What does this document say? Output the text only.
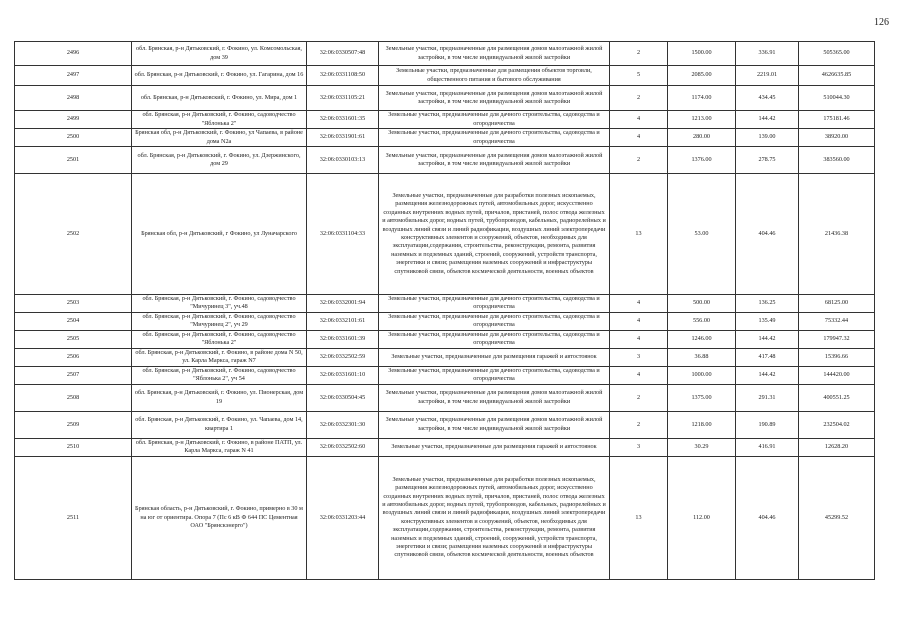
126
2496	обл. Брянская, р-н Дятьковский, г. Фокино, ул. Комсомольская, дом 39	32:06:0330507:48	Земельные участки, предназначенные для размещения домов малоэтажной жилой застройки, в том числе индивидуальной жилой застройки	2	1500.00	336.91	505365.00
2497	обл. Брянская, р-н Дятьковский, г. Фокино, ул. Гагарина, дом 16	32:06:0331108:50	Земельные участки, предназначенные для размещения объектов торговли, общественного питания и бытового обслуживания	5	2085.00	2219.01	4626635.85
2498	обл. Брянская, р-н Дятьковский, г. Фокино, ул. Мира, дом 1	32:06:0331105:21	Земельные участки, предназначенные для размещения домов малоэтажной жилой застройки, в том числе индивидуальной жилой застройки	2	1174.00	434.45	510044.30
2499	обл. Брянская, р-н Дятьковский, г. Фокино, садоводчество "Яблонька 2"	32:06:0331601:35	Земельные участки, предназначенные для дачного строительства, садоводства и огородничества	4	1213.00	144.42	175181.46
2500	Брянская обл, р-н Дятьковский, г. Фокино, ул Чапаева, в районе дома N2а	32:06:0331901:61	Земельные участки, предназначенные для дачного строительства, садоводства и огородничества	4	280.00	139.00	38920.00
2501	обл. Брянская, р-н Дятьковский, г. Фокино, ул. Дзержинского, дом 29	32:06:0330103:13	Земельные участки, предназначенные для размещения домов малоэтажной жилой застройки, в том числе индивидуальной жилой застройки	2	1376.00	278.75	383560.00
2502	Брянская обл, р-н Дятьковский, г Фокино, ул Луначарского	32:06:0331104:33	Земельные участки, предназначенные для разработки полезных ископаемых, размещения железнодорожных путей, автомобильных дорог, искусственно созданных внутренних водных путей, причалов, пристаней, полос отвода железных и автомобильных дорог, водных путей, трубопроводов, кабельных, радиорелейных и воздушных линий связи и линий радиофикации, воздушных линий электропередачи конструктивных элементов и сооружений, объектов, необходимых для эксплуатации,содержания, строительства, реконструкции, ремонта, развития наземных и подземных зданий, строений, сооружений, устройств транспорта, энергетики и связи; размещения наземных сооружений и инфраструктуры спутниковой связи, объектов космической деятельности, военных объектов	13	53.00	404.46	21436.38
2503	обл. Брянская, р-н Дятьковский, г. Фокино, садоводчество "Мичуринец 3", уч.48	32:06:0332001:94	Земельные участки, предназначенные для дачного строительства, садоводства и огородничества	4	500.00	136.25	68125.00
2504	обл. Брянская, р-н Дятьковский, г. Фокино, садоводчество "Мичуринец 2", уч 29	32:06:0332101:61	Земельные участки, предназначенные для дачного строительства, садоводства и огородничества	4	556.00	135.49	75332.44
2505	обл. Брянская, р-н Дятьковский, г. Фокино, садоводчество "Яблонька 2"	32:06:0331601:39	Земельные участки, предназначенные для дачного строительства, садоводства и огородничества	4	1246.00	144.42	179947.32
2506	обл. Брянская, р-н Дятьковский, г. Фокино, в районе дома N 50, ул. Карла Маркса, гараж N7	32:06:0332502:59	Земельные участки, предназначенные для размещения гаражей и автостоянок	3	36.88	417.48	15396.66
2507	обл. Брянская, р-н Дятьковский, г. Фокино, садоводчество "Яблонька 2", уч 54	32:06:0331601:10	Земельные участки, предназначенные для дачного строительства, садоводства и огородничества	4	1000.00	144.42	144420.00
2508	обл. Брянская, р-н Дятьковский, г. Фокино, ул. Пионерская, дом 19	32:06:0330504:45	Земельные участки, предназначенные для размещения домов малоэтажной жилой застройки, в том числе индивидуальной жилой застройки	2	1375.00	291.31	400551.25
2509	обл. Брянская, р-н Дятьковский, г. Фокино, ул. Чапаева, дом 14, квартира 1	32:06:0332301:30	Земельные участки, предназначенные для размещения домов малоэтажной жилой застройки, в том числе индивидуальной жилой застройки	2	1218.00	190.89	232504.02
2510	обл. Брянская, р-н Дятьковский, г. Фокино, в районе ПАТП, ул. Карла Маркса, гараж N 41	32:06:0332502:60	Земельные участки, предназначенные для размещения гаражей и автостоянок	3	30.29	416.91	12628.20
2511	Брянская область, р-н Дятьковский, г. Фокино, примерно в 30 м на юг от ориентира. Опора 7 (Пс 6 кВ Ф 644 ПС Цементная ОАО "Брянскэнерго")	32:06:0331203:44	Земельные участки, предназначенные для разработки полезных ископаемых, размещения железнодорожных путей, автомобильных дорог, искусственно созданных внутренних водных путей, причалов, пристаней, полос отвода железных и автомобильных дорог, водных путей, трубопроводов, кабельных, радиорелейных и воздушных линий связи и линий радиофикации, воздушных линий электропередачи конструктивных элементов и сооружений, объектов, необходимых для эксплуатации,содержания, строительства, реконструкции, ремонта, развития наземных и подземных зданий, строений, сооружений, устройств транспорта, энергетики и связи; размещения наземных сооружений и инфраструктуры спутниковой связи, объектов космической деятельности, военных объектов	13	112.00	404.46	45299.52
